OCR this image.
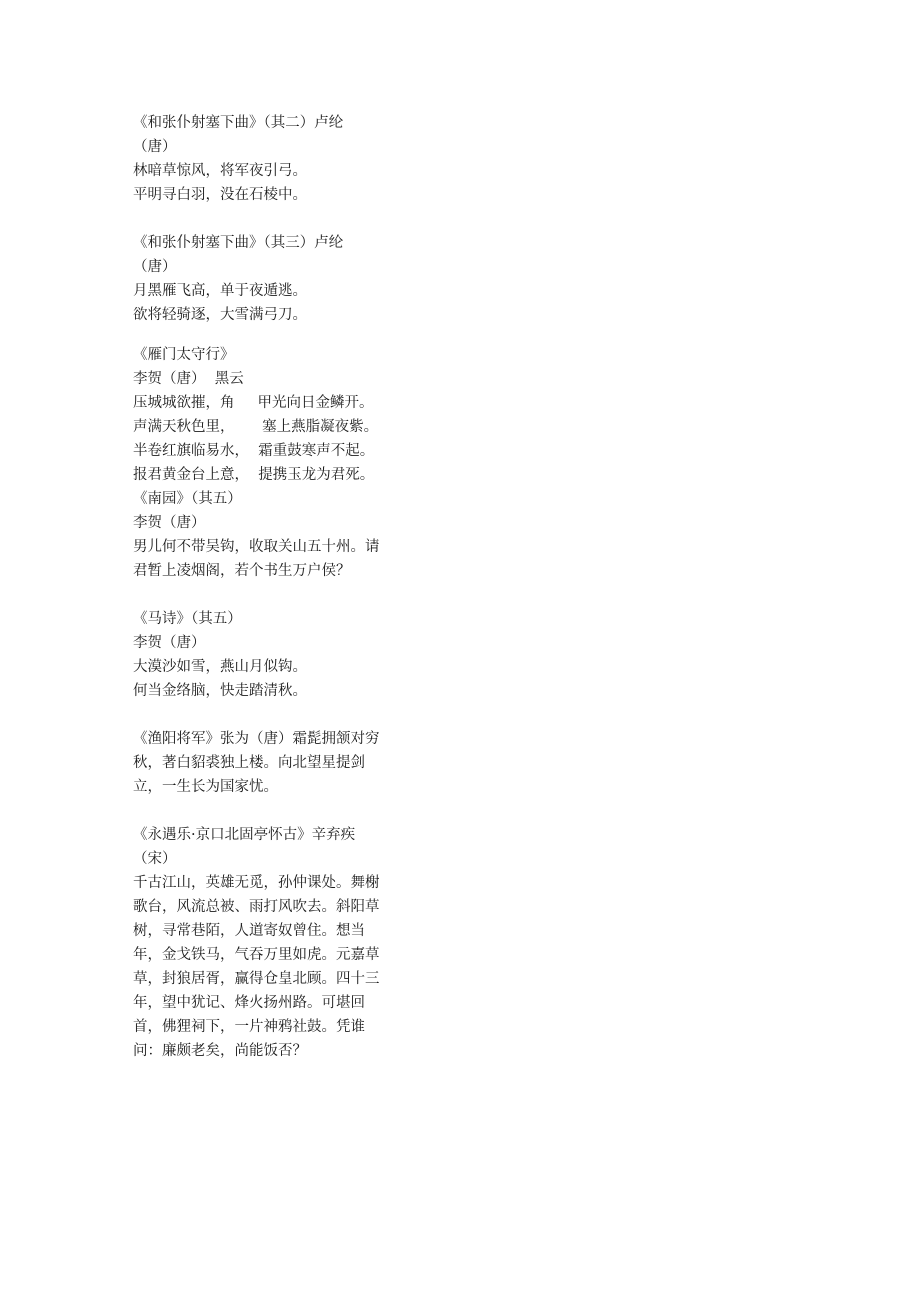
《和张仆射塞下曲》（其二）卢纶
（唐）
林喑草惊风，将军夜引弓。
平明寻白羽，没在石棱中。
《和张仆射塞下曲》（其三）卢纶
（唐）
月黑雁飞高，单于夜遁逃。
欲将轻骑逐，大雪满弓刀。
《雁门太守行》
李贺（唐）  黑云
压城城欲摧，角     甲光向日金鳞开。
声满天秋色里，      塞上燕脂凝夜紫。
半卷红旗临易水，  霜重鼓寒声不起。
报君黄金台上意，  提携玉龙为君死。
《南园》（其五）
李贺（唐）
男儿何不带吴钩，收取关山五十州。请
君暂上凌烟阁，若个书生万户侯？
《马诗》（其五）
李贺（唐）
大漠沙如雪，燕山月似钩。
何当金络脑，快走踏清秋。
《渔阳将军》张为（唐）霜髭拥颔对穷
秋，著白貂裘独上楼。向北望星提剑
立，一生长为国家忧。
《永遇乐·京口北固亭怀古》辛弃疾
（宋）
千古江山，英雄无觅，孙仲课处。舞榭
歌台，风流总被、雨打风吹去。斜阳草
树，寻常巷陌，人道寄奴曾住。想当
年，金戈铁马，气吞万里如虎。元嘉草
草，封狼居胥，赢得仓皇北顾。四十三
年，望中犹记、烽火扬州路。可堪回
首，佛狸祠下，一片神鸦社鼓。凭谁
问：廉颇老矣，尚能饭否？
